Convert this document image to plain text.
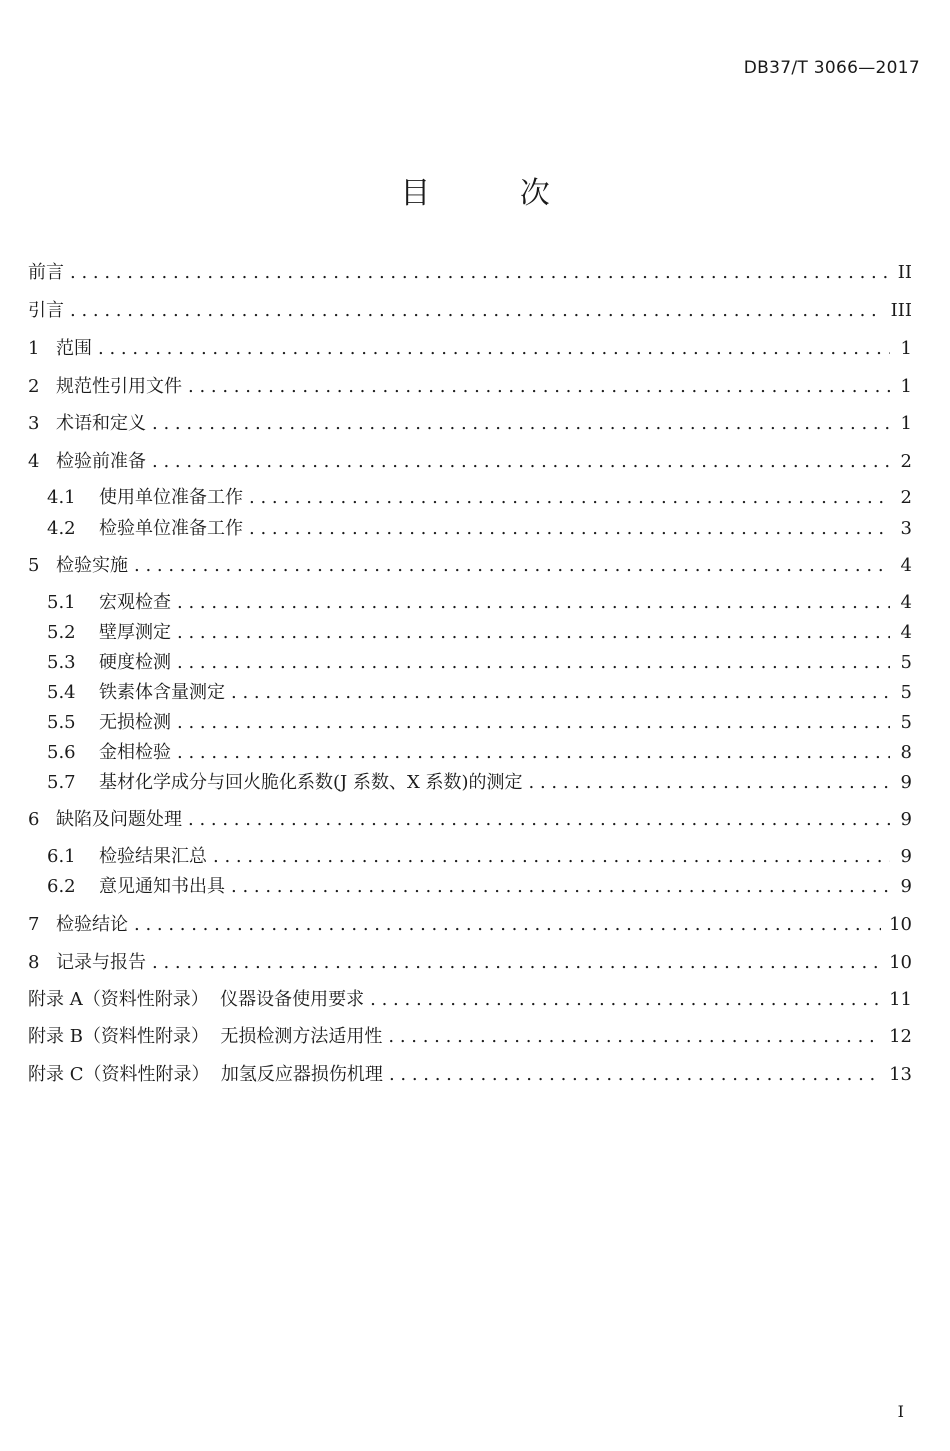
DB37/T 3066—2017
目 次
前言 . . .	II
引言 . . .	III
1 范围 . . .	1
2 规范性引用文件 . . .	1
3 术语和定义 . . .	1
4 检验前准备 . . .	2
4.1	使用单位准备工作 . . .	2
4.2	检验单位准备工作 . . .	3
5 检验实施 . . .	4
5.1	宏观检查 . . .	4
5.2	壁厚测定 . . .	4
5.3	硬度检测 . . .	5
5.4	铁素体含量测定 . . .	5
5.5	无损检测 . . .	5
5.6	金相检验 . . .	8
5.7	基材化学成分与回火脆化系数(J 系数、X 系数)的测定 . . .	9
6 缺陷及问题处理 . . .	9
6.1	检验结果汇总 . . .	9
6.2	意见通知书出具 . . .	9
7 检验结论 . . .	10
8 记录与报告 . . .	10
附录 A（资料性附录）  仪器设备使用要求 . . .	11
附录 B（资料性附录）  无损检测方法适用性 . . .	12
附录 C（资料性附录）  加氢反应器损伤机理 . . .	13
I
